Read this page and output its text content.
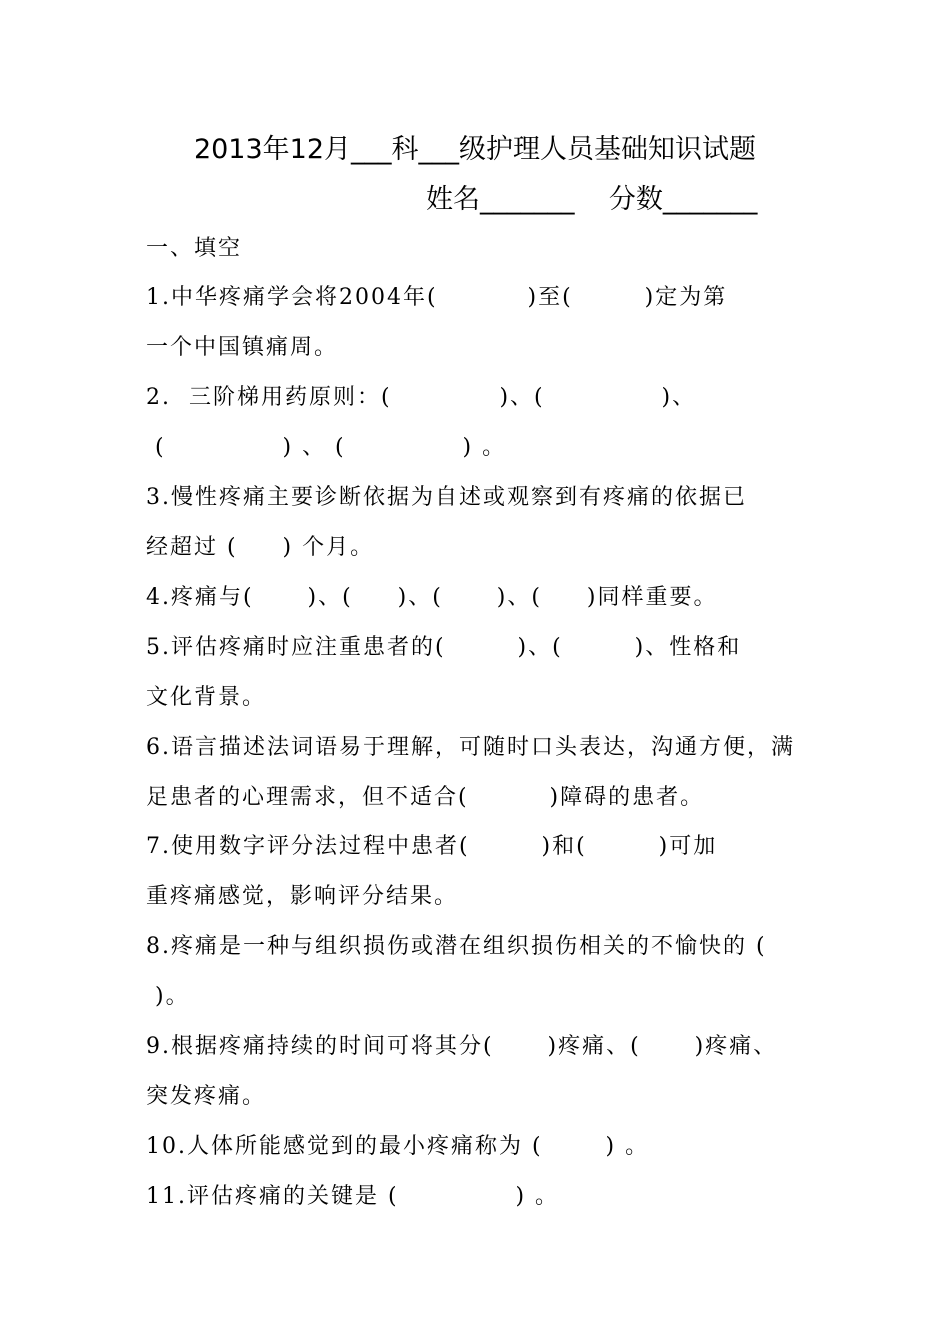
2013年12月___科___级护理人员基础知识试题
姓名_______    分数_______
一、填空
1.中华疼痛学会将2004年(          )至(        )定为第
一个中国镇痛周。
2.  三阶梯用药原则：(            )、(             )、
(             ) 、 (             ) 。
3.慢性疼痛主要诊断依据为自述或观察到有疼痛的依据已
经超过 (     ) 个月。
4.疼痛与(      )、(     )、(      )、(     )同样重要。
5.评估疼痛时应注重患者的(        )、(        )、性格和
文化背景。
6.语言描述法词语易于理解，可随时口头表达，沟通方便，满
足患者的心理需求，但不适合(         )障碍的患者。
7.使用数字评分法过程中患者(        )和(        )可加
重疼痛感觉，影响评分结果。
8.疼痛是一种与组织损伤或潜在组织损伤相关的不愉快的 (
)。
9.根据疼痛持续的时间可将其分(      )疼痛、(      )疼痛、
突发疼痛。
10.人体所能感觉到的最小疼痛称为 (       ) 。
11.评估疼痛的关键是 (             ) 。
